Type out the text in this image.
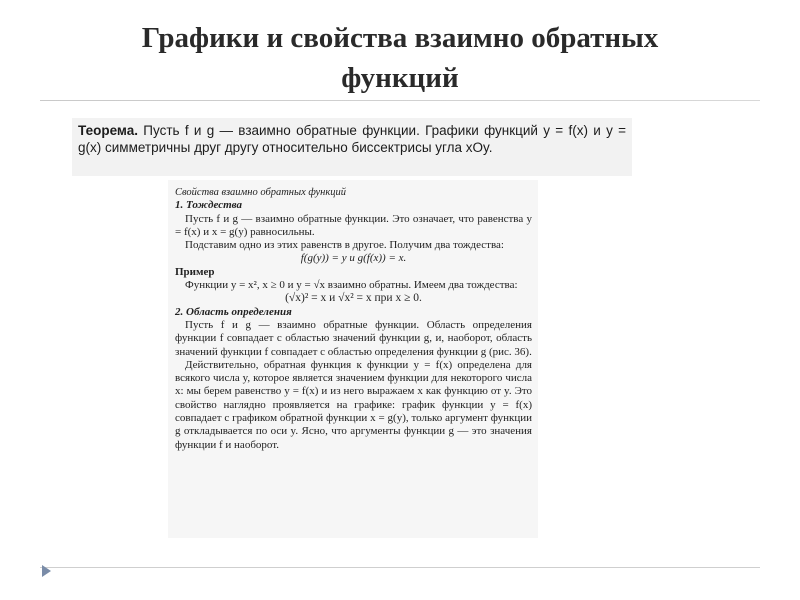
Графики и свойства взаимно обратных
функций
Теорема. Пусть f и g — взаимно обратные функции. Графики функций y = f(x) и y = g(x) симметричны друг другу относительно биссектрисы угла xOy.

Свойства взаимно обратных функций

1. Тождества

Пусть f и g — взаимно обратные функции. Это означает, что равенства y = f(x) и x = g(y) равносильны.

Подставим одно из этих равенств в другое. Получим два тождества:

f(g(y)) = y и g(f(x)) = x.

Пример

Функции y = x², x ≥ 0 и y = √x взаимно обратны. Имеем два тождества:

(√x)² = x и √x² = x при x ≥ 0.

2. Область определения

Пусть f и g — взаимно обратные функции. Область определения функции f совпадает с областью значений функции g, и, наоборот, область значений функции f совпадает с областью определения функции g (рис. 36).

Действительно, обратная функция к функции y = f(x) определена для всякого числа y, которое является значением функции для некоторого числа x: мы берем равенство y = f(x) и из него выражаем x как функцию от y. Это свойство наглядно проявляется на графике: график функции y = f(x) совпадает с графиком обратной функции x = g(y), только аргумент функции g откладывается по оси y. Ясно, что аргументы функции g — это значения функции f и наоборот.
